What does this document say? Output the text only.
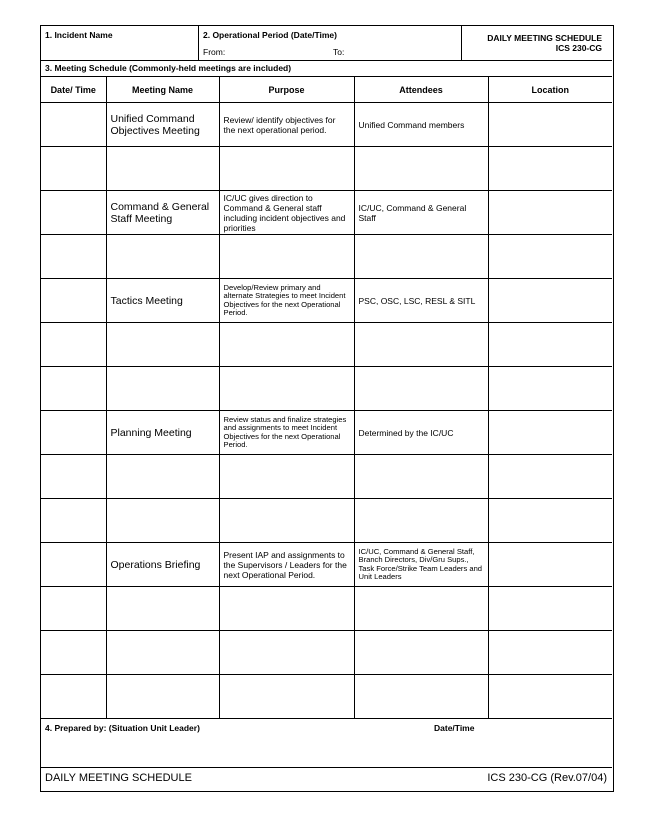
1. Incident Name	2. Operational Period (Date/Time)
From:	To:
DAILY MEETING SCHEDULE
ICS 230-CG
3. Meeting Schedule (Commonly-held meetings are included)
Date/ Time	Meeting Name	Purpose	Attendees	Location
	Unified Command Objectives Meeting	Review/ identify objectives for the next operational period.	Unified Command members	

	Command & General Staff Meeting	IC/UC gives direction to Command & General staff including incident objectives and priorities	IC/UC, Command & General Staff	

	Tactics Meeting	Develop/Review primary and alternate Strategies to meet Incident Objectives for the next Operational Period.	PSC, OSC, LSC, RESL & SITL	

	Planning Meeting	Review status and finalize strategies and assignments to meet Incident Objectives for the next Operational Period.	Determined by the IC/UC	

	Operations Briefing	Present IAP and assignments to the Supervisors / Leaders for the next Operational Period.	IC/UC, Command & General Staff, Branch Directors, Div/Gru Sups., Task Force/Strike Team Leaders and Unit Leaders	

4. Prepared by: (Situation Unit Leader)	Date/Time
DAILY MEETING SCHEDULE	ICS 230-CG (Rev.07/04)
